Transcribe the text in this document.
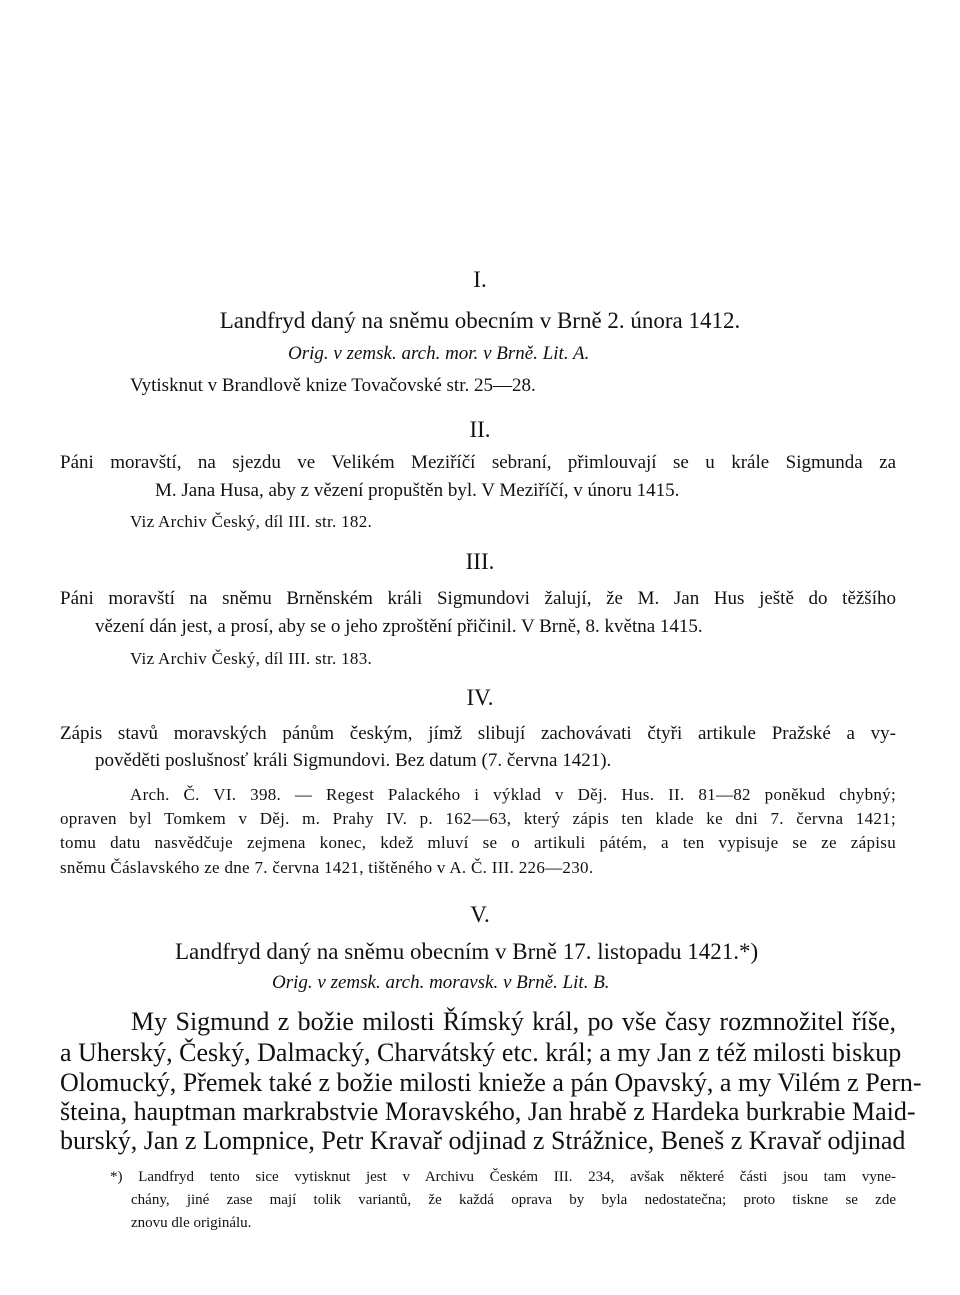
I.
Landfryd daný na sněmu obecním v Brně 2. února 1412.
Orig. v zemsk. arch. mor. v Brně. Lit. A.
Vytisknut v Brandlově knize Tovačovské str. 25—28.
II.
Páni moravští, na sjezdu ve Velikém Meziříčí sebraní, přimlouvají se u krále Sigmunda za
M. Jana Husa, aby z vězení propuštěn byl. V Meziříčí, v únoru 1415.
Viz Archiv Český, díl III. str. 182.
III.
Páni moravští na sněmu Brněnském králi Sigmundovi žalují, že M. Jan Hus ještě do těžšího
vězení dán jest, a prosí, aby se o jeho zproštění přičinil. V Brně, 8. května 1415.
Viz Archiv Český, díl III. str. 183.
IV.
Zápis stavů moravských pánům českým, jímž slibují zachovávati čtyři artikule Pražské a vy-
pověděti poslušnosť králi Sigmundovi. Bez datum (7. června 1421).
Arch. Č. VI. 398. — Regest Palackého i výklad v Děj. Hus. II. 81—82 poněkud chybný;
opraven byl Tomkem v Děj. m. Prahy IV. p. 162—63, který zápis ten klade ke dni 7. června 1421;
tomu datu nasvědčuje zejmena konec, kdež mluví se o artikuli pátém, a ten vypisuje se ze zápisu
sněmu Čáslavského ze dne 7. června 1421, tištěného v A. Č. III. 226—230.
V.
Landfryd daný na sněmu obecním v Brně 17. listopadu 1421.*)
Orig. v zemsk. arch. moravsk. v Brně. Lit. B.
My Sigmund z božie milosti Římský král, po vše časy rozmnožitel říše,
a Uherský, Český, Dalmacký, Charvátský etc. král; a my Jan z též milosti biskup
Olomucký, Přemek také z božie milosti knieže a pán Opavský, a my Vilém z Pern-
šteina, hauptman markrabstvie Moravského, Jan hrabě z Hardeka burkrabie Maid-
burský, Jan z Lompnice, Petr Kravař odjinad z Strážnice, Beneš z Kravař odjinad
*) Landfryd tento sice vytisknut jest v Archivu Českém III. 234, avšak některé části jsou tam vyne-
chány, jiné zase mají tolik variantů, že každá oprava by byla nedostatečna; proto tiskne se zde
znovu dle originálu.
